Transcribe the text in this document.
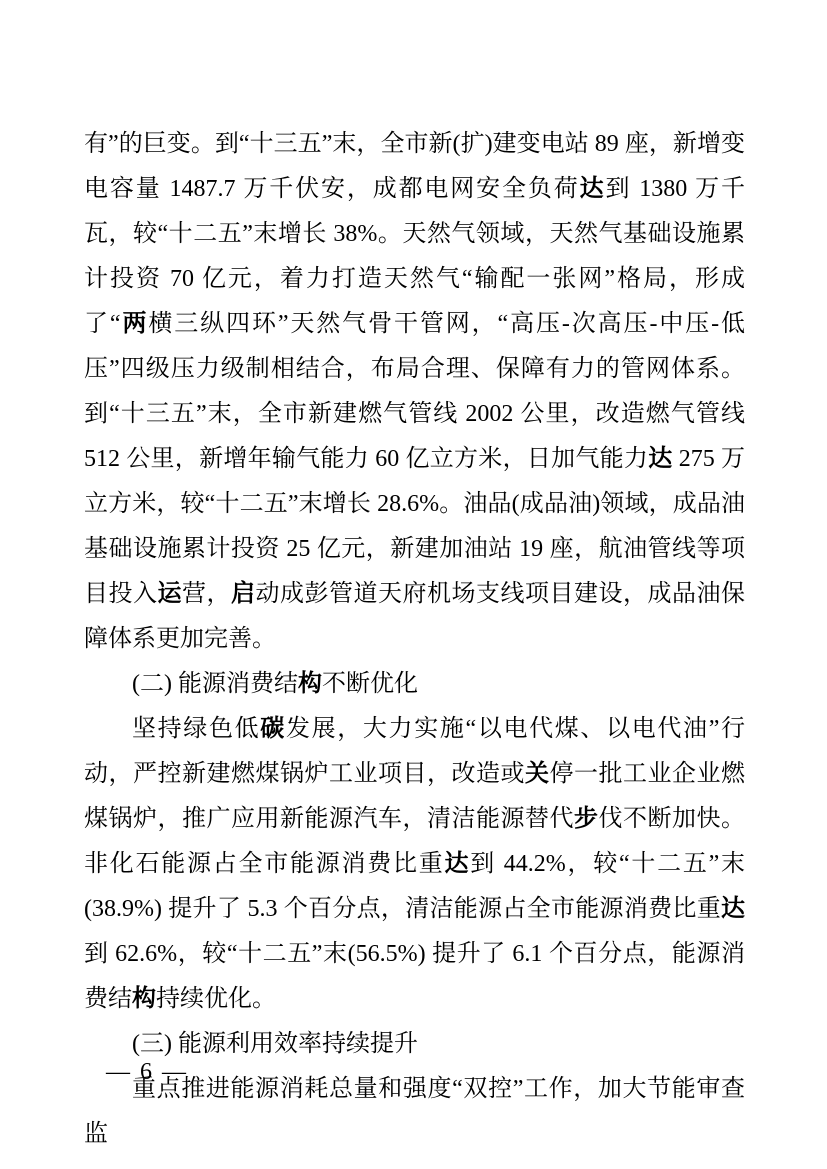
有”的巨变。到“十三五”末，全市新(扩)建变电站 89 座，新增变电容量 1487.7 万千伏安，成都电网安全负荷达到 1380 万千瓦，较“十二五”末增长 38%。天然气领域，天然气基础设施累计投资 70 亿元，着力打造天然气“输配一张网”格局，形成了“两横三纵四环”天然气骨干管网，“高压-次高压-中压-低压”四级压力级制相结合，布局合理、保障有力的管网体系。到“十三五”末，全市新建燃气管线 2002 公里，改造燃气管线 512 公里，新增年输气能力 60 亿立方米，日加气能力达 275 万立方米，较“十二五”末增长 28.6%。油品(成品油)领域，成品油基础设施累计投资 25 亿元，新建加油站 19 座，航油管线等项目投入运营，启动成彭管道天府机场支线项目建设，成品油保障体系更加完善。

(二) 能源消费结构不断优化

坚持绿色低碳发展，大力实施“以电代煤、以电代油”行动，严控新建燃煤锅炉工业项目，改造或关停一批工业企业燃煤锅炉，推广应用新能源汽车，清洁能源替代步伐不断加快。非化石能源占全市能源消费比重达到 44.2%，较“十二五”末(38.9%) 提升了 5.3 个百分点，清洁能源占全市能源消费比重达到 62.6%，较“十二五”末(56.5%) 提升了 6.1 个百分点，能源消费结构持续优化。

(三) 能源利用效率持续提升

重点推进能源消耗总量和强度“双控”工作，加大节能审查监

— 6 —
